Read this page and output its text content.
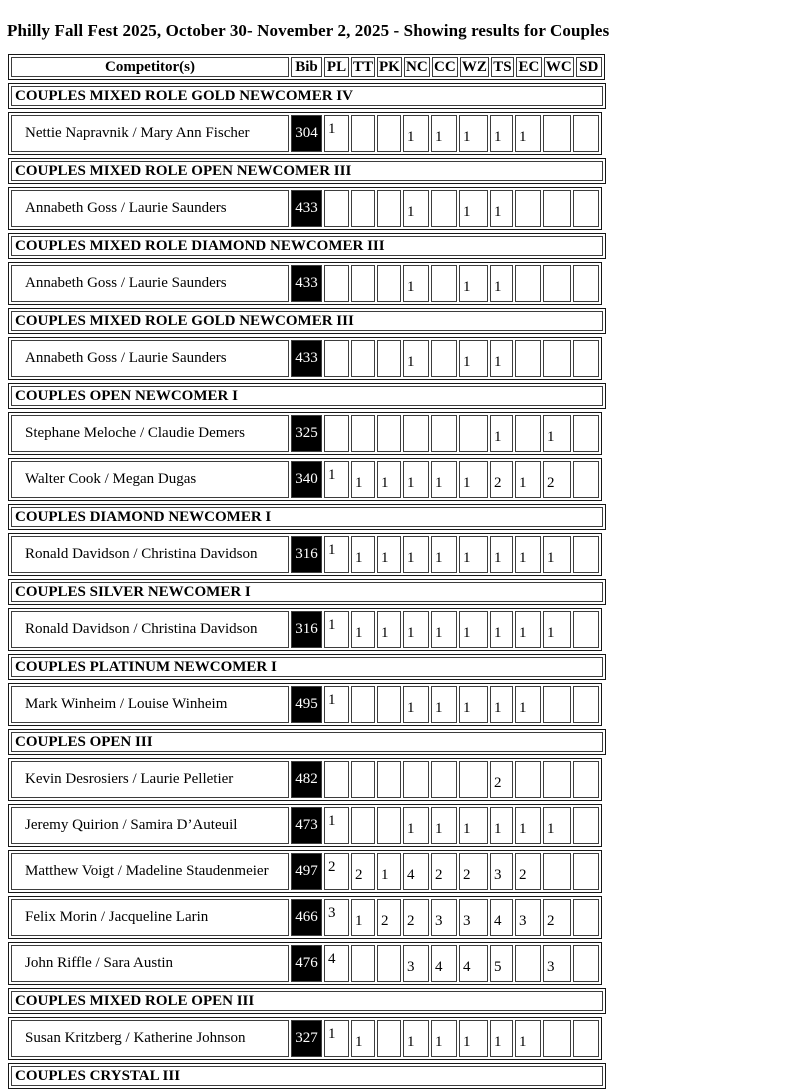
Philly Fall Fest 2025, October 30- November 2, 2025 - Showing results for Couples
Competitor(s)	Bib	PL	TT	PK	NC	CC	WZ	TS	EC	WC	SD
COUPLES MIXED ROLE GOLD NEWCOMER IV
Nettie Napravnik / Mary Ann Fischer	304	1			1	1	1	1	1		
COUPLES MIXED ROLE OPEN NEWCOMER III
Annabeth Goss / Laurie Saunders	433				1		1	1			
COUPLES MIXED ROLE DIAMOND NEWCOMER III
Annabeth Goss / Laurie Saunders	433				1		1	1			
COUPLES MIXED ROLE GOLD NEWCOMER III
Annabeth Goss / Laurie Saunders	433				1		1	1			
COUPLES OPEN NEWCOMER I
Stephane Meloche / Claudie Demers	325							1		1	
Walter Cook / Megan Dugas	340	1	1	1	1	1	1	2	1	2	
COUPLES DIAMOND NEWCOMER I
Ronald Davidson / Christina Davidson	316	1	1	1	1	1	1	1	1	1	
COUPLES SILVER NEWCOMER I
Ronald Davidson / Christina Davidson	316	1	1	1	1	1	1	1	1	1	
COUPLES PLATINUM NEWCOMER I
Mark Winheim / Louise Winheim	495	1			1	1	1	1	1		
COUPLES OPEN III
Kevin Desrosiers / Laurie Pelletier	482							2			
Jeremy Quirion / Samira D’Auteuil	473	1			1	1	1	1	1	1	
Matthew Voigt / Madeline Staudenmeier	497	2	2	1	4	2	2	3	2		
Felix Morin / Jacqueline Larin	466	3	1	2	2	3	3	4	3	2	
John Riffle / Sara Austin	476	4			3	4	4	5		3	
COUPLES MIXED ROLE OPEN III
Susan Kritzberg / Katherine Johnson	327	1	1		1	1	1	1	1		
COUPLES CRYSTAL III
